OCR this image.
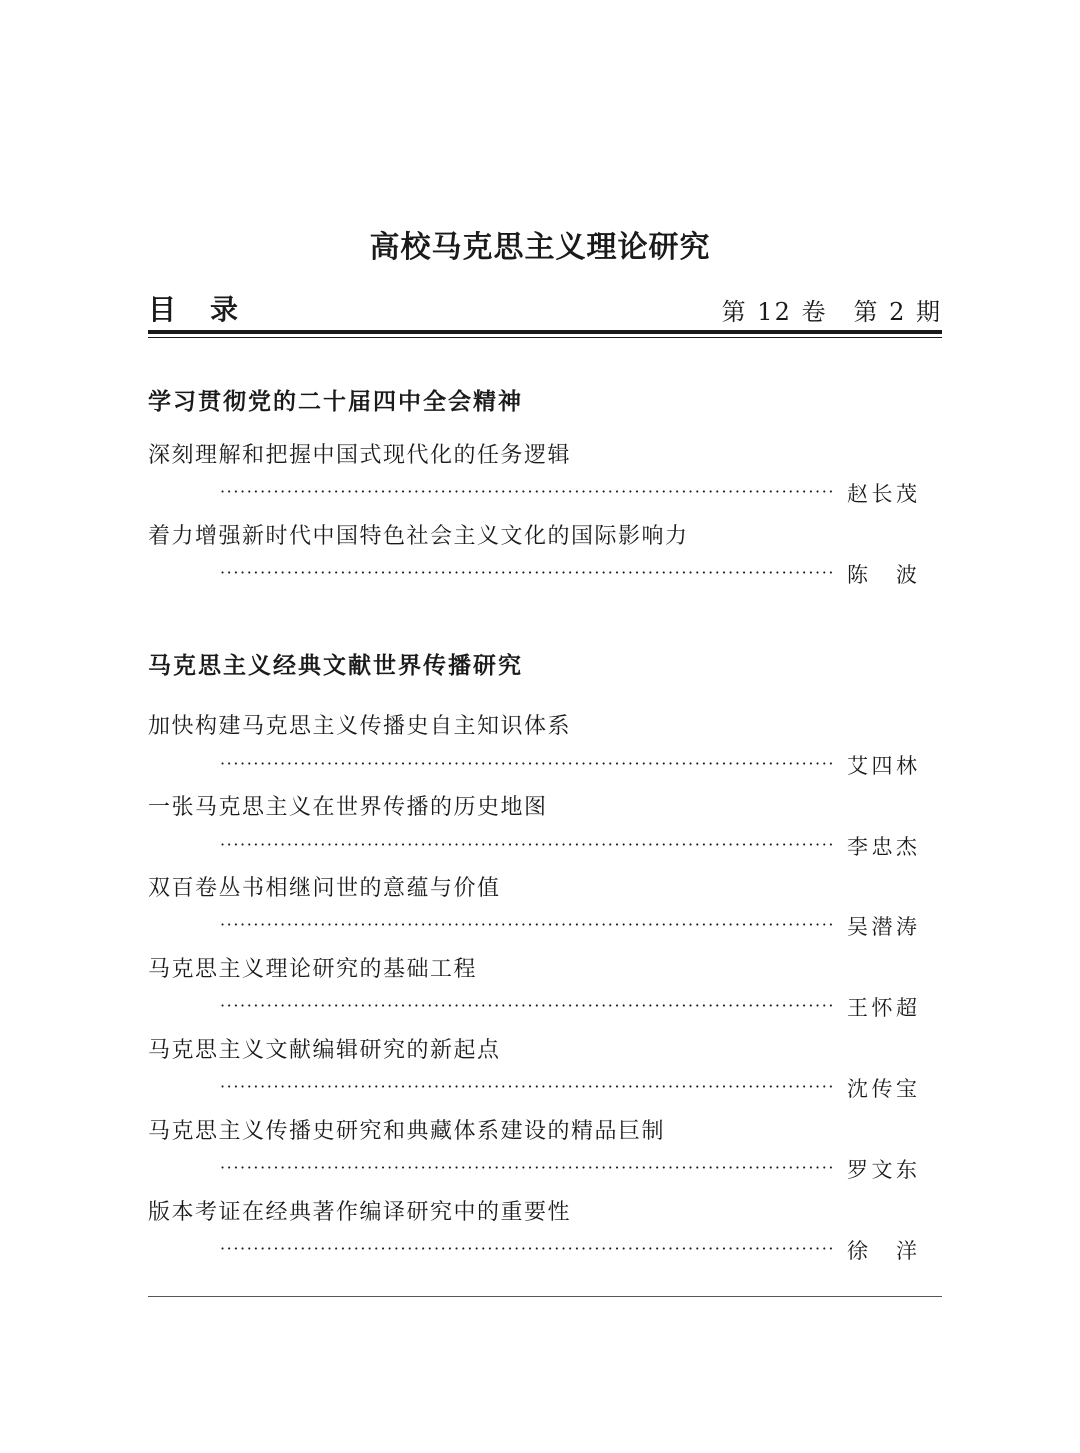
高校马克思主义理论研究
目录	第 12 卷　第 2 期
学习贯彻党的二十届四中全会精神
深刻理解和把握中国式现代化的任务逻辑
·····
赵长茂
着力增强新时代中国特色社会主义文化的国际影响力
·····
陈 波
马克思主义经典文献世界传播研究
加快构建马克思主义传播史自主知识体系
·····
艾四林
一张马克思主义在世界传播的历史地图
·····
李忠杰
双百卷丛书相继问世的意蕴与价值
·····
吴潜涛
马克思主义理论研究的基础工程
·····
王怀超
马克思主义文献编辑研究的新起点
·····
沈传宝
马克思主义传播史研究和典藏体系建设的精品巨制
·····
罗文东
版本考证在经典著作编译研究中的重要性
·····
徐 洋
